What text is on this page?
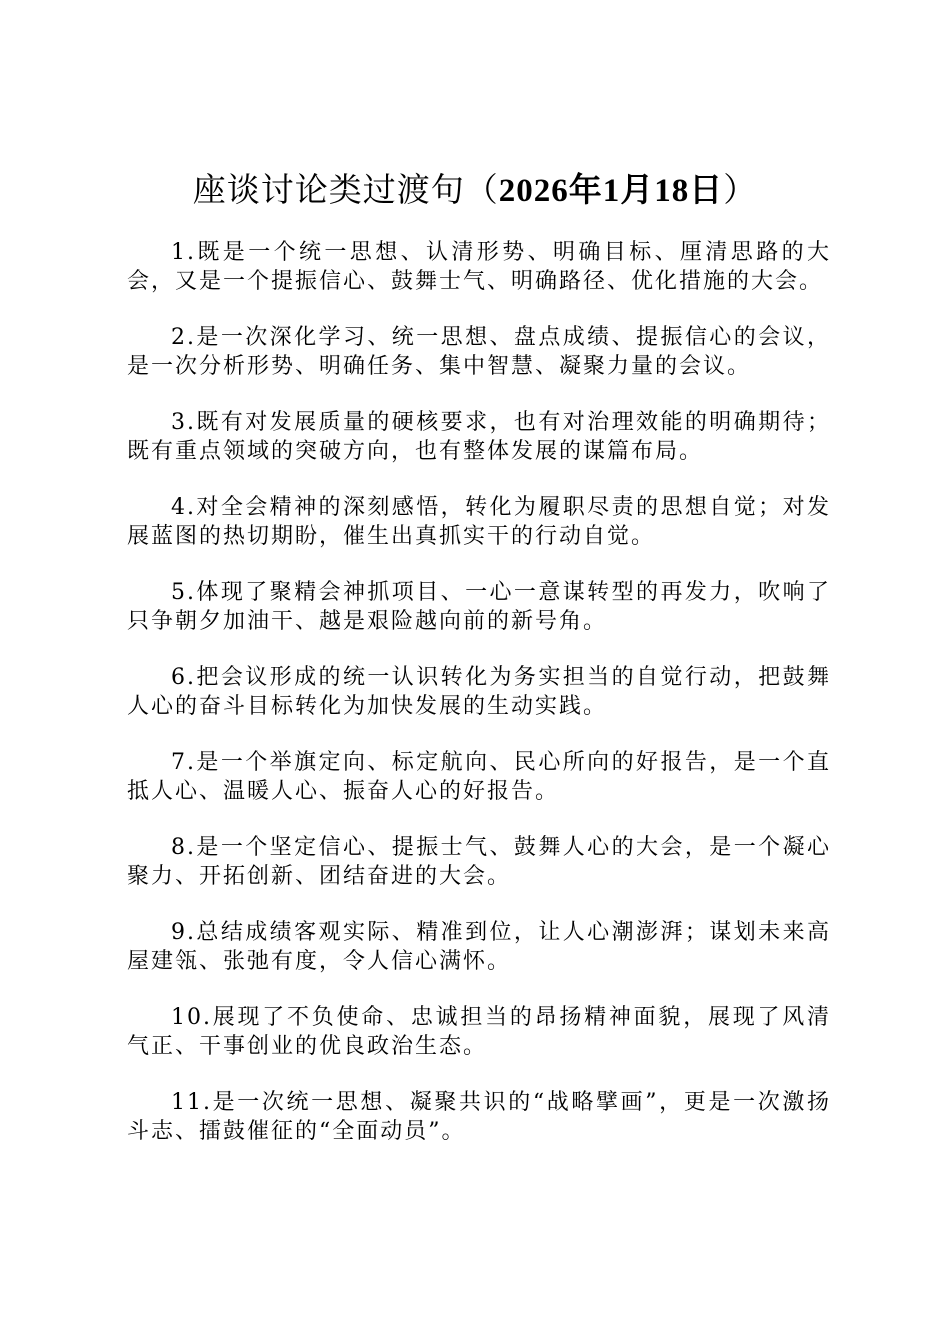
座谈讨论类过渡句（2026年1月18日）

1.既是一个统一思想、认清形势、明确目标、厘清思路的大会，又是一个提振信心、鼓舞士气、明确路径、优化措施的大会。

2.是一次深化学习、统一思想、盘点成绩、提振信心的会议，是一次分析形势、明确任务、集中智慧、凝聚力量的会议。

3.既有对发展质量的硬核要求，也有对治理效能的明确期待；既有重点领域的突破方向，也有整体发展的谋篇布局。

4.对全会精神的深刻感悟，转化为履职尽责的思想自觉；对发展蓝图的热切期盼，催生出真抓实干的行动自觉。

5.体现了聚精会神抓项目、一心一意谋转型的再发力，吹响了只争朝夕加油干、越是艰险越向前的新号角。

6.把会议形成的统一认识转化为务实担当的自觉行动，把鼓舞人心的奋斗目标转化为加快发展的生动实践。

7.是一个举旗定向、标定航向、民心所向的好报告，是一个直抵人心、温暖人心、振奋人心的好报告。

8.是一个坚定信心、提振士气、鼓舞人心的大会，是一个凝心聚力、开拓创新、团结奋进的大会。

9.总结成绩客观实际、精准到位，让人心潮澎湃；谋划未来高屋建瓴、张弛有度，令人信心满怀。

10.展现了不负使命、忠诚担当的昂扬精神面貌，展现了风清气正、干事创业的优良政治生态。

11.是一次统一思想、凝聚共识的“战略擘画”，更是一次激扬斗志、擂鼓催征的“全面动员”。
